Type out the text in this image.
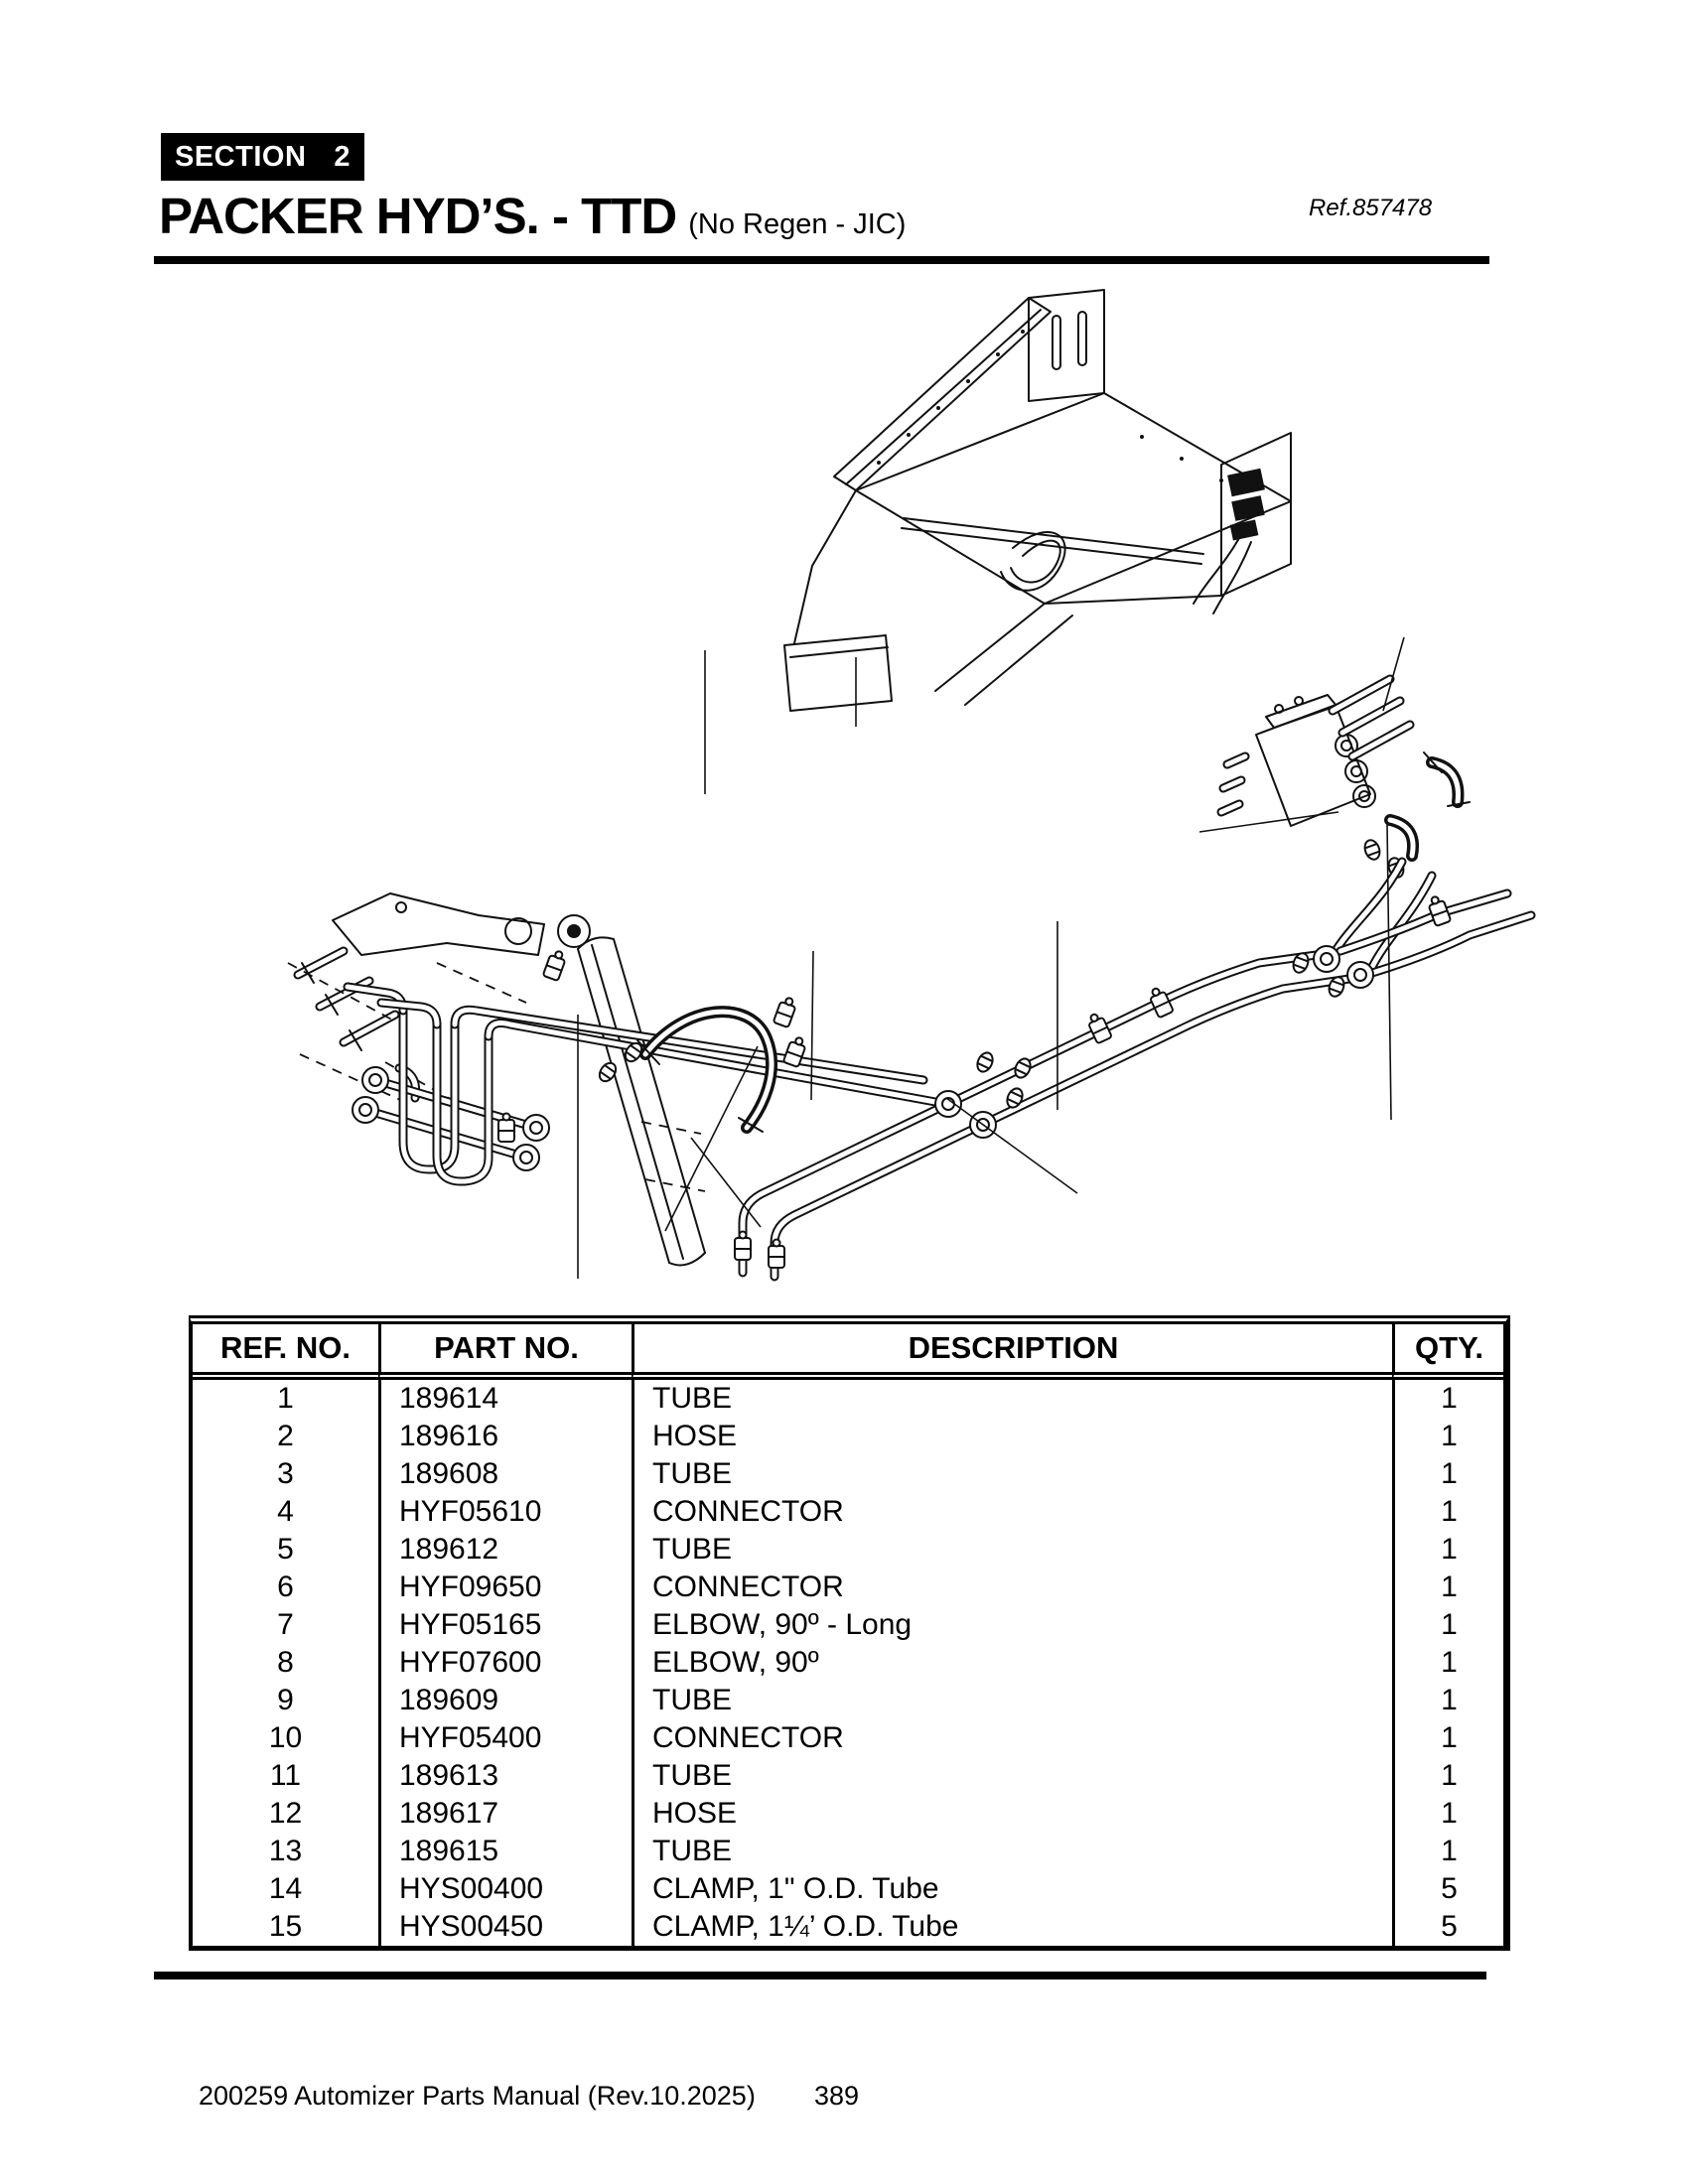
SECTION 2
PACKER HYD’S. - TTD (No Regen - JIC)
Ref.857478
REF. NO.	PART NO.	DESCRIPTION	QTY.
1	189614	TUBE	1
2	189616	HOSE	1
3	189608	TUBE	1
4	HYF05610	CONNECTOR	1
5	189612	TUBE	1
6	HYF09650	CONNECTOR	1
7	HYF05165	ELBOW, 90º - Long	1
8	HYF07600	ELBOW, 90º	1
9	189609	TUBE	1
10	HYF05400	CONNECTOR	1
11	189613	TUBE	1
12	189617	HOSE	1
13	189615	TUBE	1
14	HYS00400	CLAMP, 1" O.D. Tube	5
15	HYS00450	CLAMP, 1¼’ O.D. Tube	5
200259 Automizer Parts Manual (Rev.10.2025) 389
